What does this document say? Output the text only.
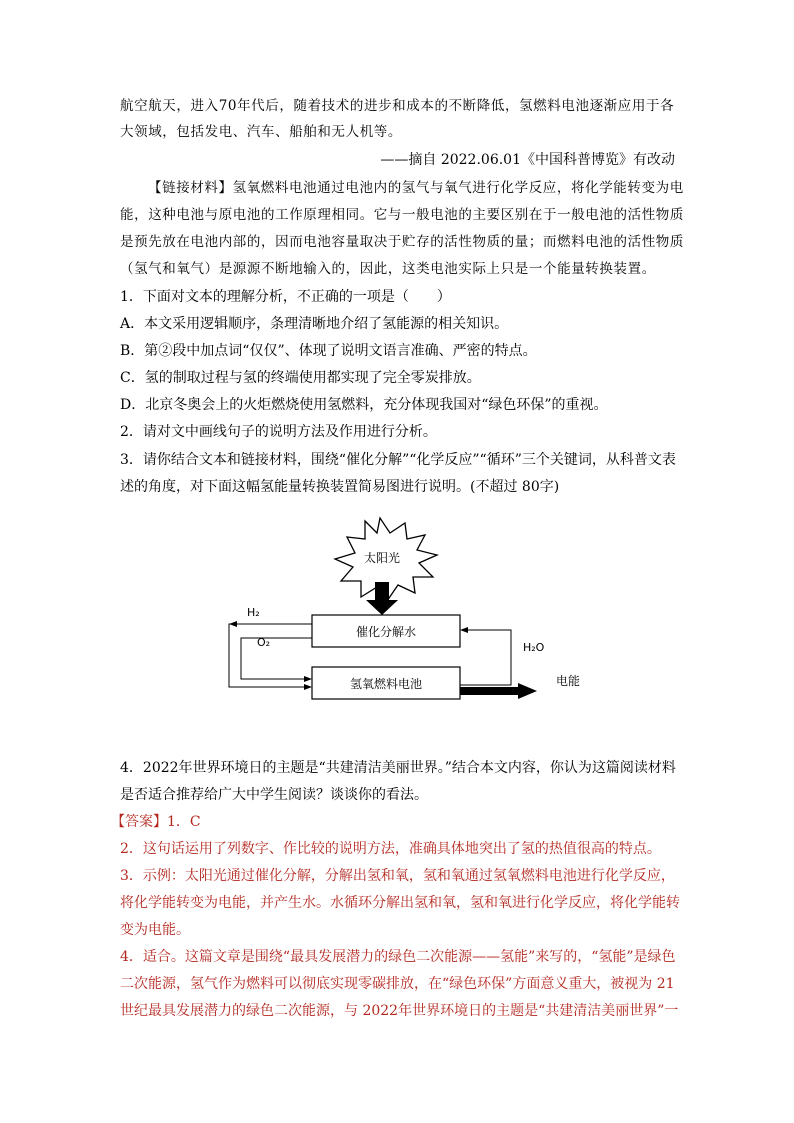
航空航天，进入70年代后，随着技术的进步和成本的不断降低，氢燃料电池逐渐应用于各
大领域，包括发电、汽车、船舶和无人机等。
——摘自 2022.06.01《中国科普博览》有改动
【链接材料】氢氧燃料电池通过电池内的氢气与氧气进行化学反应，将化学能转变为电
能，这种电池与原电池的工作原理相同。它与一般电池的主要区别在于一般电池的活性物质
是预先放在电池内部的，因而电池容量取决于贮存的活性物质的量；而燃料电池的活性物质
（氢气和氧气）是源源不断地输入的，因此，这类电池实际上只是一个能量转换装置。
1．下面对文本的理解分析，不正确的一项是（　　）
A．本文采用逻辑顺序，条理清晰地介绍了氢能源的相关知识。
B．第②段中加点词“仅仅”、体现了说明文语言准确、严密的特点。
C．氢的制取过程与氢的终端使用都实现了完全零炭排放。
D．北京冬奥会上的火炬燃烧使用氢燃料，充分体现我国对“绿色环保”的重视。
2．请对文中画线句子的说明方法及作用进行分析。
3．请你结合文本和链接材料，围绕“催化分解”“化学反应”“循环”三个关键词，从科普文表
述的角度，对下面这幅氢能量转换装置简易图进行说明。(不超过 80字)
太阳光
催化分解水
氢氧燃料电池
H₂
O₂	H₂O
电能
4．2022年世界环境日的主题是“共建清洁美丽世界。”结合本文内容，你认为这篇阅读材料
是否适合推荐给广大中学生阅读？谈谈你的看法。
【答案】1．C
2．这句话运用了列数字、作比较的说明方法，准确具体地突出了氢的热值很高的特点。
3．示例：太阳光通过催化分解，分解出氢和氧，氢和氧通过氢氧燃料电池进行化学反应，
将化学能转变为电能，并产生水。水循环分解出氢和氧，氢和氧进行化学反应，将化学能转
变为电能。
4．适合。这篇文章是围绕“最具发展潜力的绿色二次能源——氢能”来写的，“氢能”是绿色
二次能源，氢气作为燃料可以彻底实现零碳排放，在“绿色环保”方面意义重大，被视为 21
世纪最具发展潜力的绿色二次能源，与 2022年世界环境日的主题是“共建清洁美丽世界”一
